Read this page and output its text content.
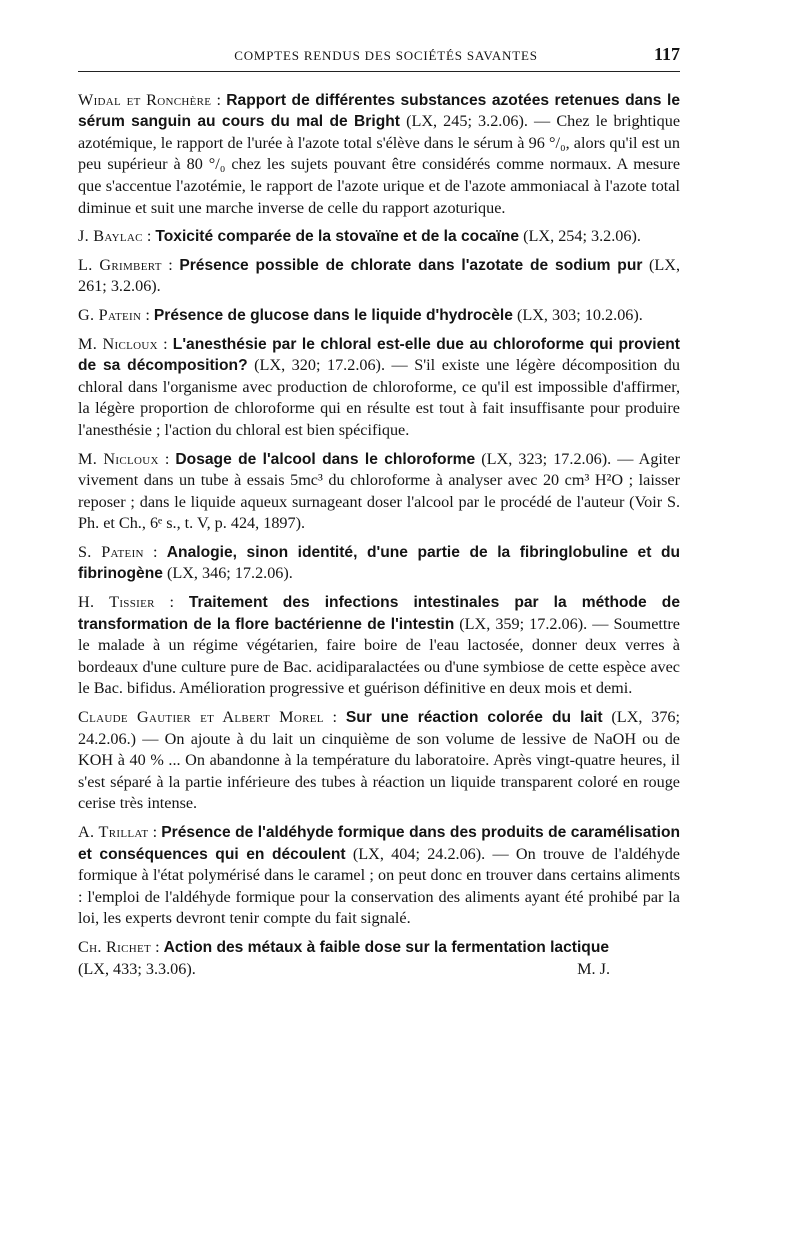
COMPTES RENDUS DES SOCIÉTÉS SAVANTES	117

Widal et Ronchère : Rapport de différentes substances azotées retenues dans le sérum sanguin au cours du mal de Bright (LX, 245; 3.2.06). — Chez le brightique azotémique, le rapport de l'urée à l'azote total s'élève dans le sérum à 96 °/₀, alors qu'il est un peu supérieur à 80 °/₀ chez les sujets pouvant être considérés comme normaux. A mesure que s'accentue l'azotémie, le rapport de l'azote urique et de l'azote ammoniacal à l'azote total diminue et suit une marche inverse de celle du rapport azoturique.

J. Baylac : Toxicité comparée de la stovaïne et de la cocaïne (LX, 254; 3.2.06).

L. Grimbert : Présence possible de chlorate dans l'azotate de sodium pur (LX, 261; 3.2.06).

G. Patein : Présence de glucose dans le liquide d'hydrocèle (LX, 303; 10.2.06).

M. Nicloux : L'anesthésie par le chloral est-elle due au chloroforme qui provient de sa décomposition? (LX, 320; 17.2.06). — S'il existe une légère décomposition du chloral dans l'organisme avec production de chloroforme, ce qu'il est impossible d'affirmer, la légère proportion de chloroforme qui en résulte est tout à fait insuffisante pour produire l'anesthésie ; l'action du chloral est bien spécifique.

M. Nicloux : Dosage de l'alcool dans le chloroforme (LX, 323; 17.2.06). — Agiter vivement dans un tube à essais 5mc³ du chloroforme à analyser avec 20 cm³ H²O ; laisser reposer ; dans le liquide aqueux surnageant doser l'alcool par le procédé de l'auteur (Voir S. Ph. et Ch., 6ᵉ s., t. V, p. 424, 1897).

S. Patein : Analogie, sinon identité, d'une partie de la fibringlobuline et du fibrinogène (LX, 346; 17.2.06).

H. Tissier : Traitement des infections intestinales par la méthode de transformation de la flore bactérienne de l'intestin (LX, 359; 17.2.06). — Soumettre le malade à un régime végétarien, faire boire de l'eau lactosée, donner deux verres à bordeaux d'une culture pure de Bac. acidiparalactées ou d'une symbiose de cette espèce avec le Bac. bifidus. Amélioration progressive et guérison définitive en deux mois et demi.

Claude Gautier et Albert Morel : Sur une réaction colorée du lait (LX, 376; 24.2.06.) — On ajoute à du lait un cinquième de son volume de lessive de NaOH ou de KOH à 40 % ... On abandonne à la température du laboratoire. Après vingt-quatre heures, il s'est séparé à la partie inférieure des tubes à réaction un liquide transparent coloré en rouge cerise très intense.

A. Trillat : Présence de l'aldéhyde formique dans des produits de caramélisation et conséquences qui en découlent (LX, 404; 24.2.06). — On trouve de l'aldéhyde formique à l'état polymérisé dans le caramel ; on peut donc en trouver dans certains aliments : l'emploi de l'aldéhyde formique pour la conservation des aliments ayant été prohibé par la loi, les experts devront tenir compte du fait signalé.

Ch. Richet : Action des métaux à faible dose sur la fermentation lactique

(LX, 433; 3.3.06).	M. J.
